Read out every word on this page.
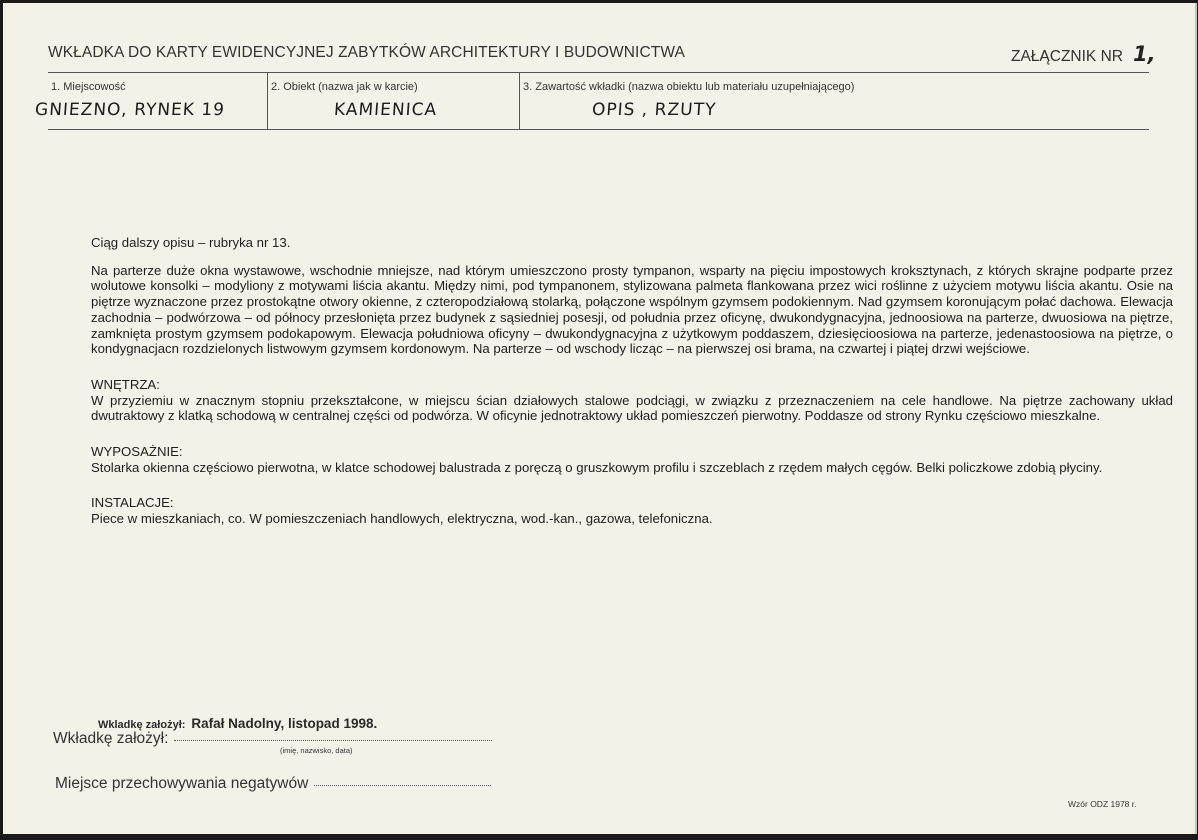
WKŁADKA DO KARTY EWIDENCYJNEJ ZABYTKÓW ARCHITEKTURY I BUDOWNICTWA	ZAŁĄCZNIK NR 1,
1. Miejscowość
GNIEZNO, RYNEK 19
2. Obiekt (nazwa jak w karcie)
KAMIENICA
3. Zawartość wkładki (nazwa obiektu lub materiału uzupełniającego)
OPIS , RZUTY

Ciąg dalszy opisu – rubryka nr 13.

Na parterze duże okna wystawowe, wschodnie mniejsze, nad którym umieszczono prosty tympanon, wsparty na pięciu impostowych kroksztynach, z których skrajne podparte przez wolutowe konsolki – modyliony z motywami liścia akantu. Między nimi, pod tympanonem, stylizowana palmeta flankowana przez wici roślinne z użyciem motywu liścia akantu. Osie na piętrze wyznaczone przez prostokątne otwory okienne, z czteropodziałową stolarką, połączone wspólnym gzymsem podokiennym. Nad gzymsem koronującym połać dachowa. Elewacja zachodnia – podwórzowa – od północy przesłonięta przez budynek z sąsiedniej posesji, od południa przez oficynę, dwukondygnacyjna, jednoosiowa na parterze, dwuosiowa na piętrze, zamknięta prostym gzymsem podokapowym. Elewacja południowa oficyny – dwukondygnacyjna z użytkowym poddaszem, dziesięcioosiowa na parterze, jedenastoosiowa na piętrze, o kondygnacjacn rozdzielonych listwowym gzymsem kordonowym. Na parterze – od wschody licząc – na pierwszej osi brama, na czwartej i piątej drzwi wejściowe.

WNĘTRZA:

W przyziemiu w znacznym stopniu przekształcone, w miejscu ścian działowych stalowe podciągi, w związku z przeznaczeniem na cele handlowe. Na piętrze zachowany układ dwutraktowy z klatką schodową w centralnej części od podwórza. W oficynie jednotraktowy układ pomieszczeń pierwotny. Poddasze od strony Rynku częściowo mieszkalne.

WYPOSAŻNIE:

Stolarka okienna częściowo pierwotna, w klatce schodowej balustrada z poręczą o gruszkowym profilu i szczeblach z rzędem małych cęgów. Belki policzkowe zdobią płyciny.

INSTALACJE:

Piece w mieszkaniach, co. W pomieszczeniach handlowych, elektryczna, wod.-kan., gazowa, telefoniczna.

Wkladkę założył: Rafał Nadolny, listopad 1998.
Wkładkę założył:
(imię, nazwisko, data)
Miejsce przechowywania negatywów
Wzór ODZ 1978 r.
